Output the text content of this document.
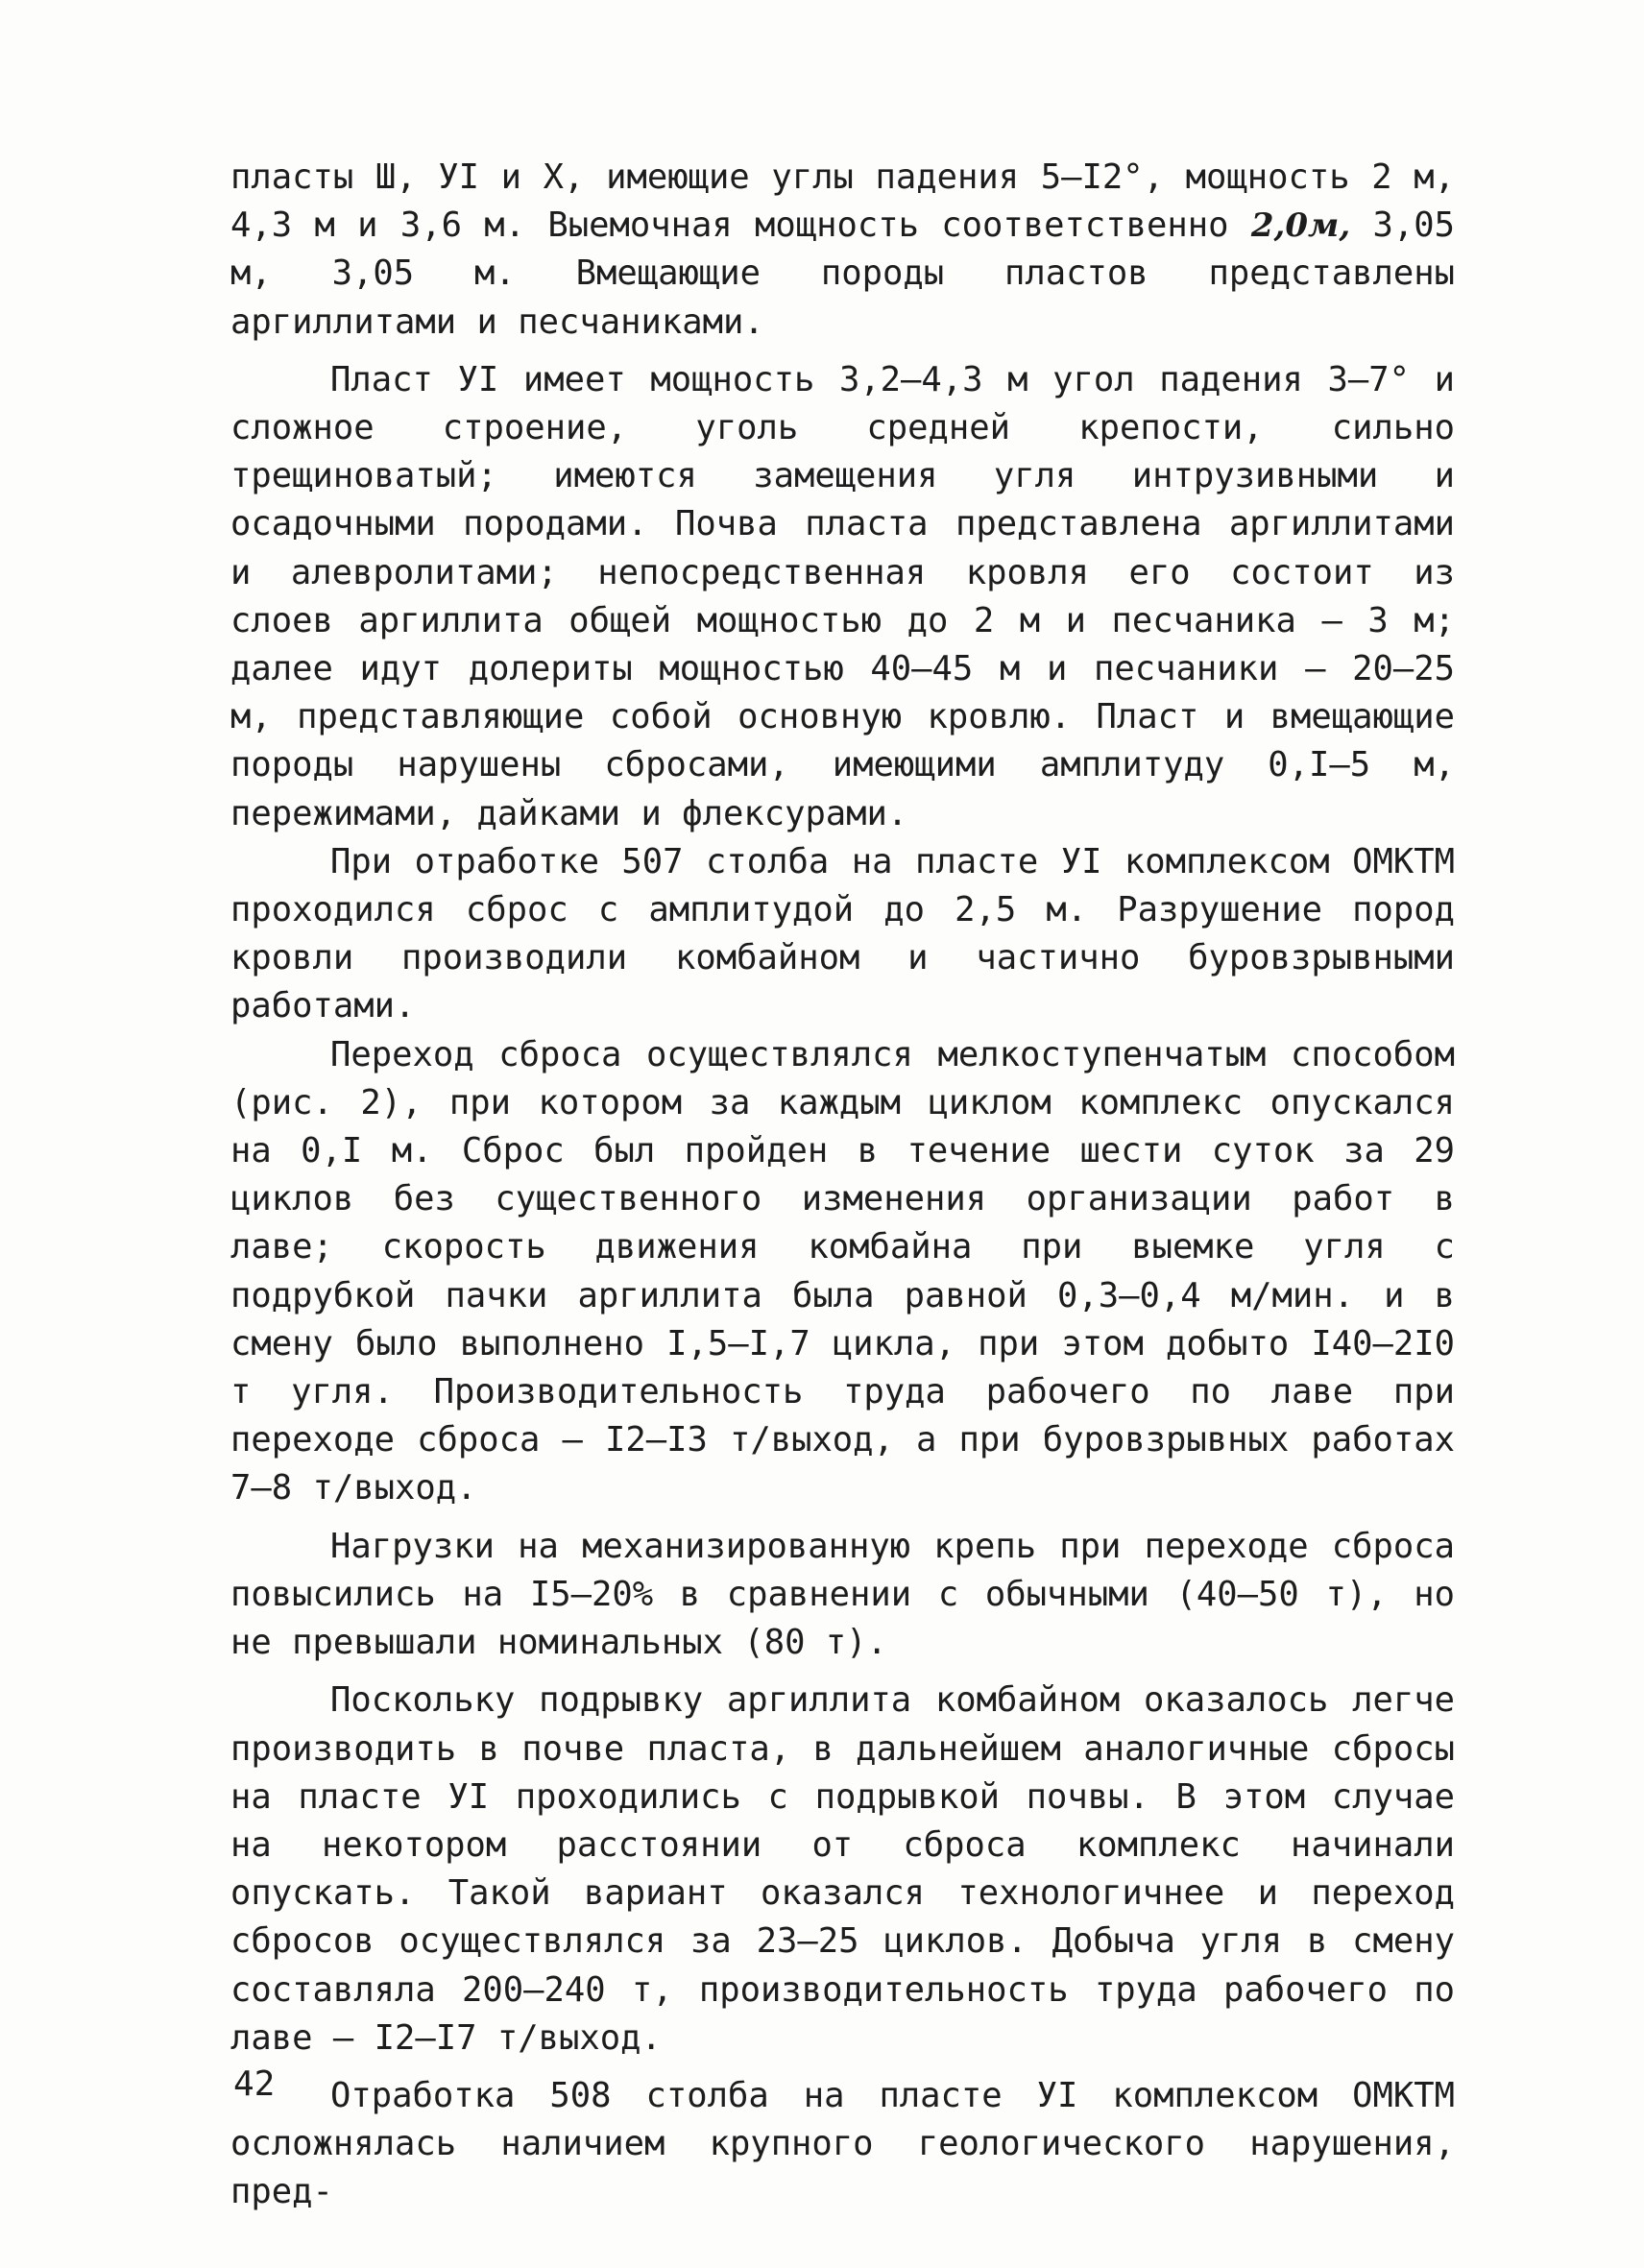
пласты Ш, УI и Х, имеющие углы падения 5–I2°, мощность 2 м, 4,3 м и 3,6 м. Выемочная мощность соответственно 2,0м, 3,05 м, 3,05 м. Вмещающие породы пластов представлены аргиллитами и песчаниками.

Пласт УI имеет мощность 3,2–4,3 м угол падения 3–7° и сложное строение, уголь средней крепости, сильно трещиноватый; имеются замещения угля интрузивными и осадочными породами. Почва пласта представлена аргиллитами и алевролитами; непосредственная кровля его состоит из слоев аргиллита общей мощностью до 2 м и песчаника – 3 м; далее идут долериты мощностью 40–45 м и песчаники – 20–25 м, представляющие собой основную кровлю. Пласт и вмещающие породы нарушены сбросами, имеющими амплитуду 0,I–5 м, пережимами, дайками и флексурами.

При отработке 507 столба на пласте УI комплексом ОМКТМ проходился сброс с амплитудой до 2,5 м. Разрушение пород кровли производили комбайном и частично буровзрывными работами.

Переход сброса осуществлялся мелкоступенчатым способом (рис. 2), при котором за каждым циклом комплекс опускался на 0,I м. Сброс был пройден в течение шести суток за 29 циклов без существенного изменения организации работ в лаве; скорость движения комбайна при выемке угля с подрубкой пачки аргиллита была равной 0,3–0,4 м/мин. и в смену было выполнено I,5–I,7 цикла, при этом добыто I40–2I0 т угля. Производительность труда рабочего по лаве при переходе сброса – I2–I3 т/выход, а при буровзрывных работах 7–8 т/выход.

Нагрузки на механизированную крепь при переходе сброса повысились на I5–20% в сравнении с обычными (40–50 т), но не превышали номинальных (80 т).

Поскольку подрывку аргиллита комбайном оказалось легче производить в почве пласта, в дальнейшем аналогичные сбросы на пласте УI проходились с подрывкой почвы. В этом случае на некотором расстоянии от сброса комплекс начинали опускать. Такой вариант оказался технологичнее и переход сбросов осуществлялся за 23–25 циклов. Добыча угля в смену составляла 200–240 т, производительность труда рабочего по лаве – I2–I7 т/выход.

Отработка 508 столба на пласте УI комплексом ОМКТМ осложнялась наличием крупного геологического нарушения, пред-

42
